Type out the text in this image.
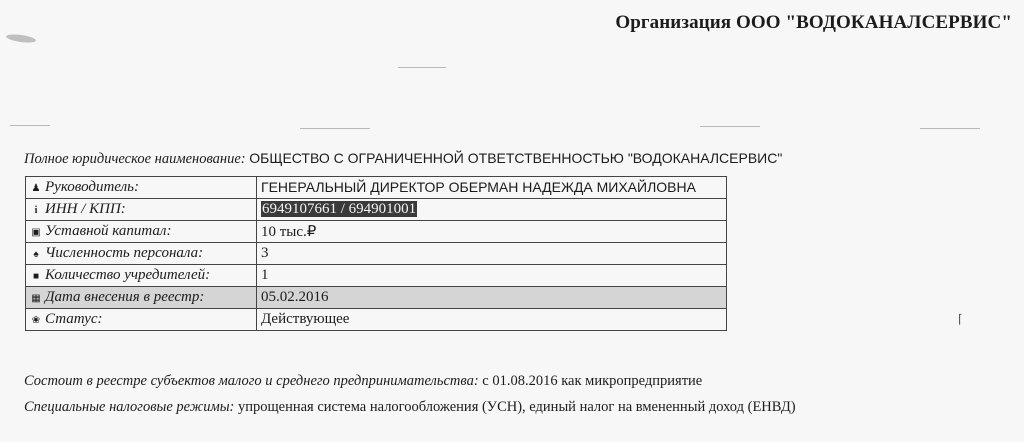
Организация ООО "ВОДОКАНАЛСЕРВИС"
Полное юридическое наименование: ОБЩЕСТВО С ОГРАНИЧЕННОЙ ОТВЕТСТВЕННОСТЬЮ "ВОДОКАНАЛСЕРВИС"
♟ Руководитель:	ГЕНЕРАЛЬНЫЙ ДИРЕКТОР ОБЕРМАН НАДЕЖДА МИХАЙЛОВНА
i ИНН / КПП:	6949107661 / 694901001
▣ Уставной капитал:	10 тыс.₽
♠ Численность персонала:	3
■ Количество учредителей:	1
▦ Дата внесения в реестр:	05.02.2016
❀ Статус:	Действующее	⌈
Состоит в реестре субъектов малого и среднего предпринимательства: с 01.08.2016 как микропредприятие
Специальные налоговые режимы: упрощенная система налогообложения (УСН), единый налог на вмененный доход (ЕНВД)
